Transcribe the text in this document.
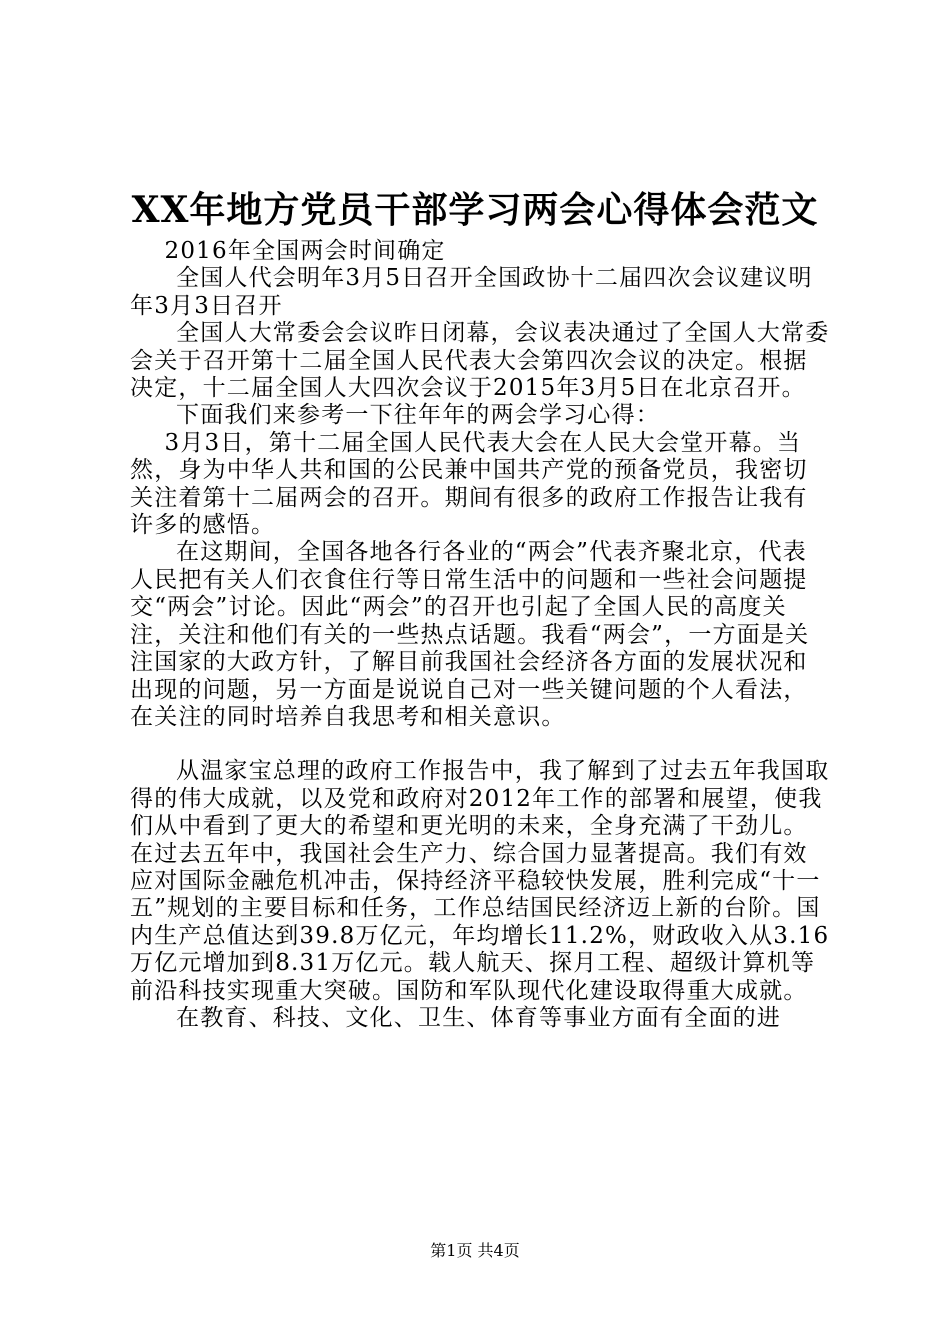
XX年地方党员干部学习两会心得体会范文

2016年全国两会时间确定

全国人代会明年3月5日召开全国政协十二届四次会议建议明年3月3日召开

全国人大常委会会议昨日闭幕，会议表决通过了全国人大常委会关于召开第十二届全国人民代表大会第四次会议的决定。根据决定，十二届全国人大四次会议于2015年3月5日在北京召开。

下面我们来参考一下往年年的两会学习心得：

3月3日，第十二届全国人民代表大会在人民大会堂开幕。当然，身为中华人共和国的公民兼中国共产党的预备党员，我密切关注着第十二届两会的召开。期间有很多的政府工作报告让我有许多的感悟。

在这期间，全国各地各行各业的“两会”代表齐聚北京，代表人民把有关人们衣食住行等日常生活中的问题和一些社会问题提交“两会”讨论。因此“两会”的召开也引起了全国人民的高度关注，关注和他们有关的一些热点话题。我看“两会”，一方面是关注国家的大政方针，了解目前我国社会经济各方面的发展状况和出现的问题，另一方面是说说自己对一些关键问题的个人看法，在关注的同时培养自我思考和相关意识。

从温家宝总理的政府工作报告中，我了解到了过去五年我国取得的伟大成就，以及党和政府对2012年工作的部署和展望，使我们从中看到了更大的希望和更光明的未来，全身充满了干劲儿。在过去五年中，我国社会生产力、综合国力显著提高。我们有效应对国际金融危机冲击，保持经济平稳较快发展，胜利完成“十一五”规划的主要目标和任务，工作总结国民经济迈上新的台阶。国内生产总值达到39.8万亿元，年均增长11.2%，财政收入从3.16万亿元增加到8.31万亿元。载人航天、探月工程、超级计算机等前沿科技实现重大突破。国防和军队现代化建设取得重大成就。

在教育、科技、文化、卫生、体育等事业方面有全面的进

第1页 共4页
